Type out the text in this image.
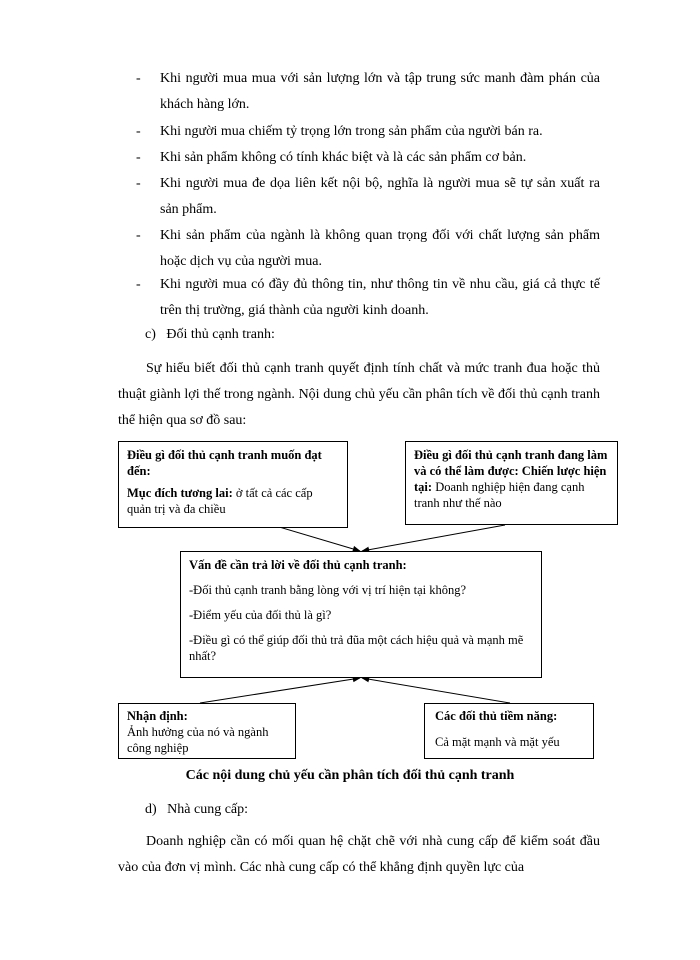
- Khi người mua mua với sản lượng lớn và tập trung sức manh đàm phán của khách hàng lớn.
- Khi người mua chiếm tỷ trọng lớn trong sản phẩm của người bán ra.
- Khi sản phẩm không có tính khác biệt và là các sản phẩm cơ bản.
- Khi người mua đe dọa liên kết nội bộ, nghĩa là người mua sẽ tự sản xuất ra sản phẩm.
- Khi sản phẩm của ngành là không quan trọng đối với chất lượng sản phẩm hoặc dịch vụ của người mua.
- Khi người mua có đầy đủ thông tin, như thông tin về nhu cầu, giá cả thực tế trên thị trường, giá thành của người kinh doanh.
c) Đối thủ cạnh tranh:
Sự hiểu biết đối thủ cạnh tranh quyết định tính chất và mức tranh đua hoặc thủ thuật giành lợi thế trong ngành. Nội dung chủ yếu cần phân tích về đối thủ cạnh tranh thể hiện qua sơ đồ sau:

Điều gì đối thủ cạnh tranh muốn đạt đến:

Mục đích tương lai: ở tất cả các cấp quản trị và đa chiều

Điều gì đối thủ cạnh tranh đang làm và có thể làm được: Chiến lược hiện tại: Doanh nghiệp hiện đang cạnh tranh như thế nào

Vấn đề cần trả lời về đối thủ cạnh tranh:

-Đối thủ cạnh tranh bằng lòng với vị trí hiện tại không?

-Điểm yếu của đối thủ là gì?

-Điều gì có thể giúp đối thủ trả đũa một cách hiệu quả và mạnh mẽ nhất?

Nhận định:

Ảnh hưởng của nó và ngành công nghiệp

Các đối thủ tiềm năng:

Cả mặt mạnh và mặt yếu

Các nội dung chủ yếu cần phân tích đối thủ cạnh tranh
d) Nhà cung cấp:
Doanh nghiệp cần có mối quan hệ chặt chẽ với nhà cung cấp để kiểm soát đầu vào của đơn vị mình. Các nhà cung cấp có thể khẳng định quyền lực của
